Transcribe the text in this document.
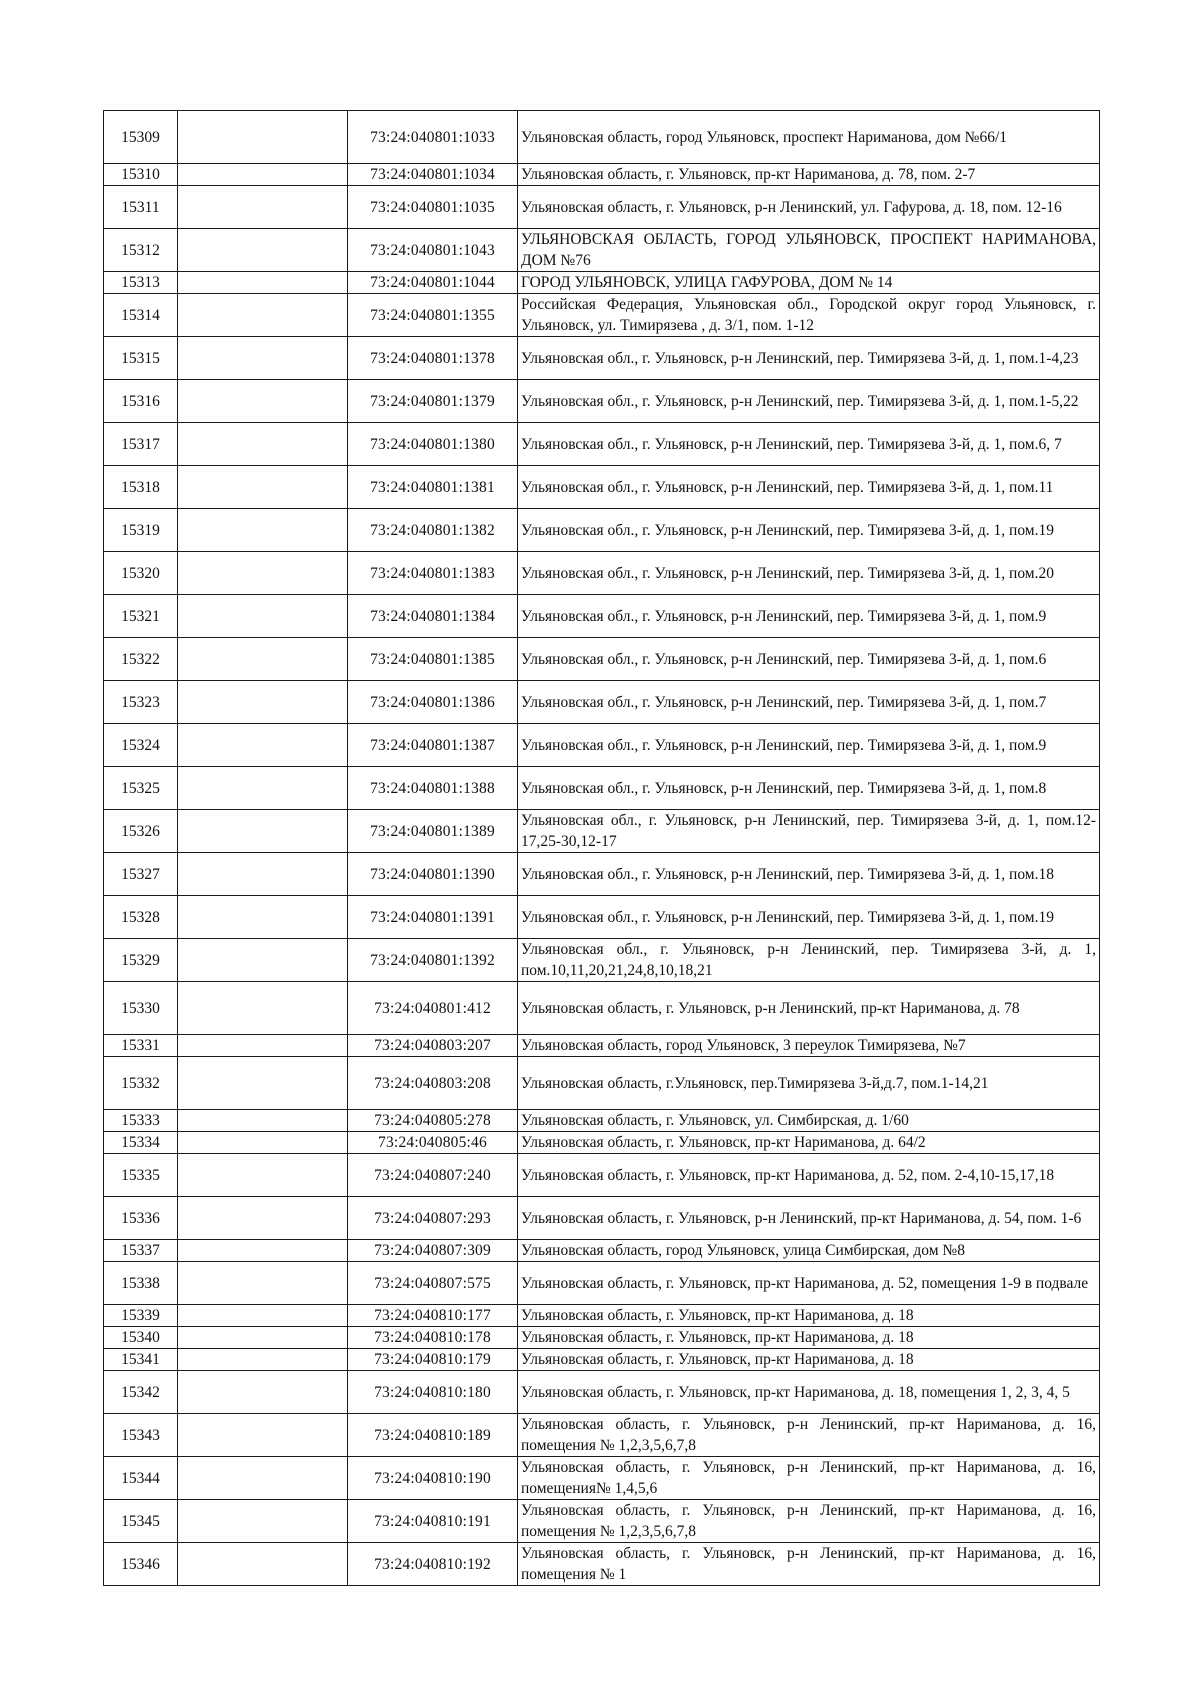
15309		73:24:040801:1033	Ульяновская область, город Ульяновск, проспект Нариманова, дом №66/1
15310		73:24:040801:1034	Ульяновская область, г. Ульяновск, пр-кт Нариманова, д. 78, пом. 2-7
15311		73:24:040801:1035	Ульяновская область, г. Ульяновск, р-н Ленинский, ул. Гафурова, д. 18, пом. 12-16
15312		73:24:040801:1043	УЛЬЯНОВСКАЯ ОБЛАСТЬ, ГОРОД УЛЬЯНОВСК, ПРОСПЕКТ НАРИМАНОВА, ДОМ №76
15313		73:24:040801:1044	ГОРОД УЛЬЯНОВСК, УЛИЦА ГАФУРОВА, ДОМ № 14
15314		73:24:040801:1355	Российская Федерация, Ульяновская обл., Городской округ город Ульяновск, г. Ульяновск, ул. Тимирязева , д. 3/1, пом. 1-12
15315		73:24:040801:1378	Ульяновская обл., г. Ульяновск, р-н Ленинский, пер. Тимирязева 3-й, д. 1, пом.1-4,23
15316		73:24:040801:1379	Ульяновская обл., г. Ульяновск, р-н Ленинский, пер. Тимирязева 3-й, д. 1, пом.1-5,22
15317		73:24:040801:1380	Ульяновская обл., г. Ульяновск, р-н Ленинский, пер. Тимирязева 3-й, д. 1, пом.6, 7
15318		73:24:040801:1381	Ульяновская обл., г. Ульяновск, р-н Ленинский, пер. Тимирязева 3-й, д. 1, пом.11
15319		73:24:040801:1382	Ульяновская обл., г. Ульяновск, р-н Ленинский, пер. Тимирязева 3-й, д. 1, пом.19
15320		73:24:040801:1383	Ульяновская обл., г. Ульяновск, р-н Ленинский, пер. Тимирязева 3-й, д. 1, пом.20
15321		73:24:040801:1384	Ульяновская обл., г. Ульяновск, р-н Ленинский, пер. Тимирязева 3-й, д. 1, пом.9
15322		73:24:040801:1385	Ульяновская обл., г. Ульяновск, р-н Ленинский, пер. Тимирязева 3-й, д. 1, пом.6
15323		73:24:040801:1386	Ульяновская обл., г. Ульяновск, р-н Ленинский, пер. Тимирязева 3-й, д. 1, пом.7
15324		73:24:040801:1387	Ульяновская обл., г. Ульяновск, р-н Ленинский, пер. Тимирязева 3-й, д. 1, пом.9
15325		73:24:040801:1388	Ульяновская обл., г. Ульяновск, р-н Ленинский, пер. Тимирязева 3-й, д. 1, пом.8
15326		73:24:040801:1389	Ульяновская обл., г. Ульяновск, р-н Ленинский, пер. Тимирязева 3-й, д. 1, пом.12-17,25-30,12-17
15327		73:24:040801:1390	Ульяновская обл., г. Ульяновск, р-н Ленинский, пер. Тимирязева 3-й, д. 1, пом.18
15328		73:24:040801:1391	Ульяновская обл., г. Ульяновск, р-н Ленинский, пер. Тимирязева 3-й, д. 1, пом.19
15329		73:24:040801:1392	Ульяновская обл., г. Ульяновск, р-н Ленинский, пер. Тимирязева 3-й, д. 1, пом.10,11,20,21,24,8,10,18,21
15330		73:24:040801:412	Ульяновская область, г. Ульяновск, р-н Ленинский, пр-кт Нариманова, д. 78
15331		73:24:040803:207	Ульяновская область, город Ульяновск, 3 переулок Тимирязева, №7
15332		73:24:040803:208	Ульяновская область, г.Ульяновск, пер.Тимирязева 3-й,д.7, пом.1-14,21
15333		73:24:040805:278	Ульяновская область, г. Ульяновск, ул. Симбирская, д. 1/60
15334		73:24:040805:46	Ульяновская область, г. Ульяновск, пр-кт Нариманова, д. 64/2
15335		73:24:040807:240	Ульяновская область, г. Ульяновск, пр-кт Нариманова, д. 52, пом. 2-4,10-15,17,18
15336		73:24:040807:293	Ульяновская область, г. Ульяновск, р-н Ленинский, пр-кт Нариманова, д. 54, пом. 1-6
15337		73:24:040807:309	Ульяновская область, город Ульяновск, улица Симбирская, дом №8
15338		73:24:040807:575	Ульяновская область, г. Ульяновск, пр-кт Нариманова, д. 52, помещения 1-9 в подвале
15339		73:24:040810:177	Ульяновская область, г. Ульяновск, пр-кт Нариманова, д. 18
15340		73:24:040810:178	Ульяновская область, г. Ульяновск, пр-кт Нариманова, д. 18
15341		73:24:040810:179	Ульяновская область, г. Ульяновск, пр-кт Нариманова, д. 18
15342		73:24:040810:180	Ульяновская область, г. Ульяновск, пр-кт Нариманова, д. 18, помещения 1, 2, 3, 4, 5
15343		73:24:040810:189	Ульяновская область, г. Ульяновск, р-н Ленинский, пр-кт Нариманова, д. 16, помещения № 1,2,3,5,6,7,8
15344		73:24:040810:190	Ульяновская область, г. Ульяновск, р-н Ленинский, пр-кт Нариманова, д. 16, помещения№ 1,4,5,6
15345		73:24:040810:191	Ульяновская область, г. Ульяновск, р-н Ленинский, пр-кт Нариманова, д. 16, помещения № 1,2,3,5,6,7,8
15346		73:24:040810:192	Ульяновская область, г. Ульяновск, р-н Ленинский, пр-кт Нариманова, д. 16, помещения № 1
